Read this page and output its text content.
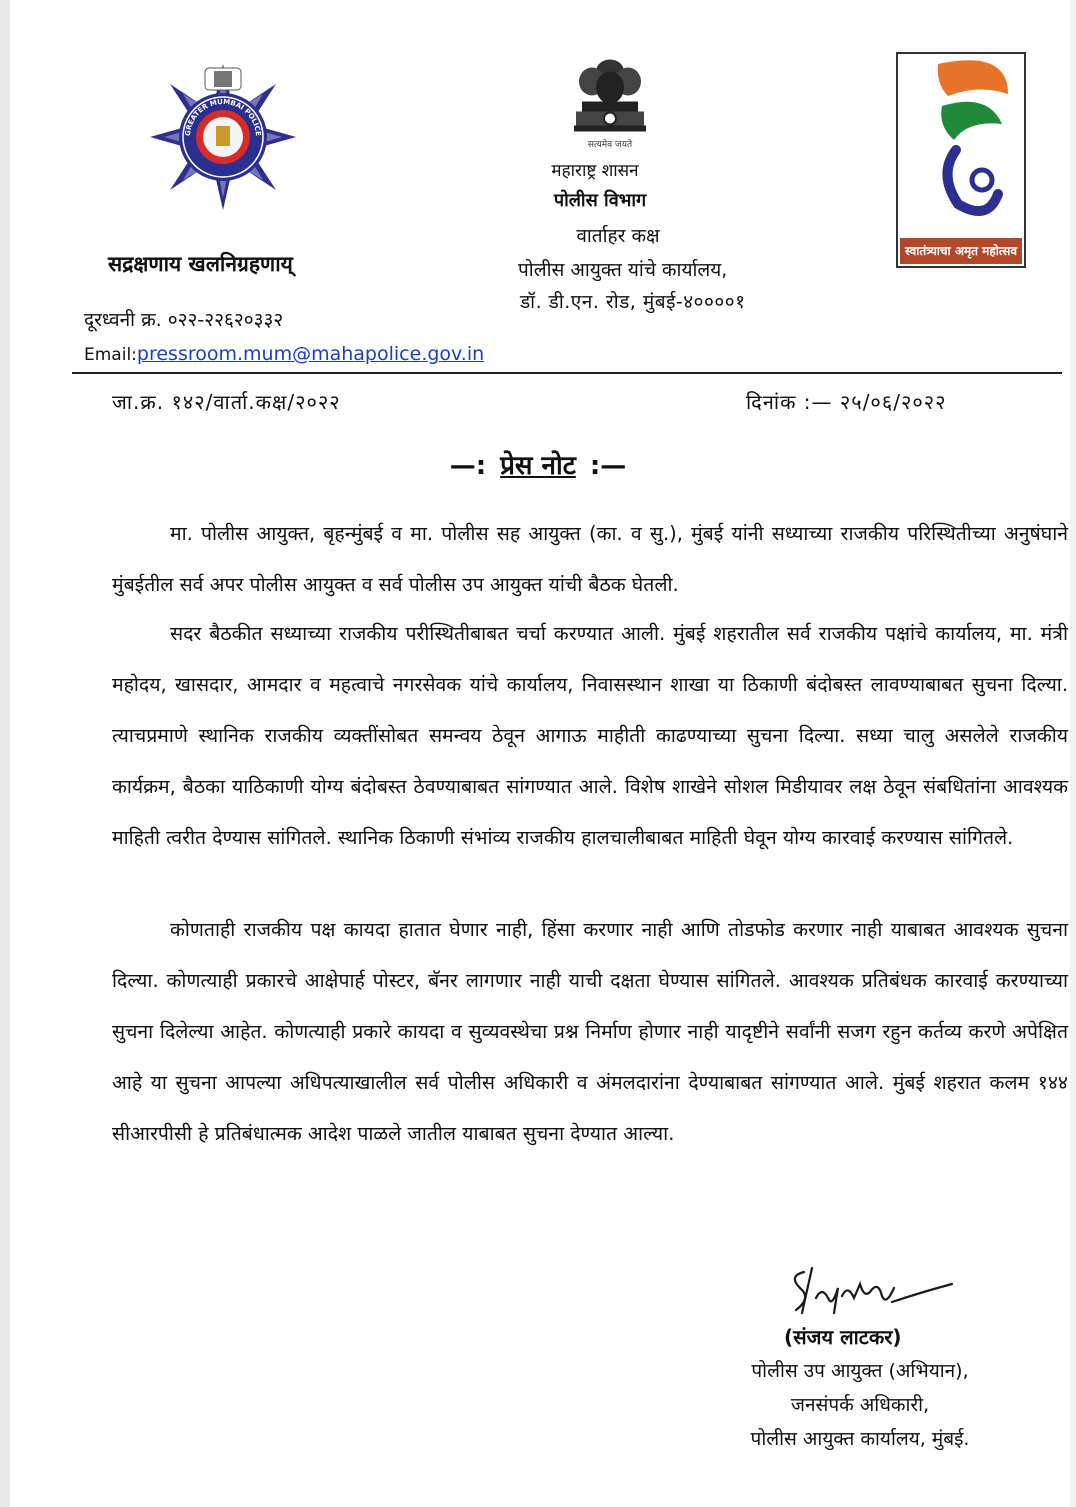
GREATER MUMBAI POLICE
सद्रक्षणाय खलनिग्रहणाय्
दूरध्वनी क्र. ०२२-२२६२०३३२
Email:pressroom.mum@mahapolice.gov.in
सत्यमेव जयते
महाराष्ट्र शासन
पोलीस विभाग
वार्ताहर कक्ष
पोलीस आयुक्त यांचे कार्यालय,
डॉ. डी.एन. रोड, मुंबई-४००००१
स्वातंत्र्याचा अमृत महोत्सव
जा.क्र. १४२/वार्ता.कक्ष/२०२२	दिनांक :— २५/०६/२०२२
—: प्रेस नोट :—

मा. पोलीस आयुक्त, बृहन्मुंबई व मा. पोलीस सह आयुक्त (का. व सु.), मुंबई यांनी सध्याच्या राजकीय परिस्थितीच्या अनुषंघाने मुंबईतील सर्व अपर पोलीस आयुक्त व सर्व पोलीस उप आयुक्त यांची बैठक घेतली.

सदर बैठकीत सध्याच्या राजकीय परीस्थितीबाबत चर्चा करण्यात आली. मुंबई शहरातील सर्व राजकीय पक्षांचे कार्यालय, मा. मंत्री महोदय, खासदार, आमदार व महत्वाचे नगरसेवक यांचे कार्यालय, निवासस्थान शाखा या ठिकाणी बंदोबस्त लावण्याबाबत सुचना दिल्या. त्याचप्रमाणे स्थानिक राजकीय व्यक्तींसोबत समन्वय ठेवून आगाऊ माहीती काढण्याच्या सुचना दिल्या. सध्या चालु असलेले राजकीय कार्यक्रम, बैठका याठिकाणी योग्य बंदोबस्त ठेवण्याबाबत सांगण्यात आले. विशेष शाखेने सोशल मिडीयावर लक्ष ठेवून संबधितांना आवश्यक माहिती त्वरीत देण्यास सांगितले. स्थानिक ठिकाणी संभांव्य राजकीय हालचालीबाबत माहिती घेवून योग्य कारवाई करण्यास सांगितले.

कोणताही राजकीय पक्ष कायदा हातात घेणार नाही, हिंसा करणार नाही आणि तोडफोड करणार नाही याबाबत आवश्यक सुचना दिल्या. कोणत्याही प्रकारचे आक्षेपार्ह पोस्टर, बॅनर लागणार नाही याची दक्षता घेण्यास सांगितले. आवश्यक प्रतिबंधक कारवाई करण्याच्या सुचना दिलेल्या आहेत. कोणत्याही प्रकारे कायदा व सुव्यवस्थेचा प्रश्न निर्माण होणार नाही यादृष्टीने सर्वांनी सजग रहुन कर्तव्य करणे अपेक्षित आहे या सुचना आपल्या अधिपत्याखालील सर्व पोलीस अधिकारी व अंमलदारांना देण्याबाबत सांगण्यात आले. मुंबई शहरात कलम १४४ सीआरपीसी हे प्रतिबंधात्मक आदेश पाळले जातील याबाबत सुचना देण्यात आल्या.

(संजय लाटकर)
पोलीस उप आयुक्त (अभियान),
जनसंपर्क अधिकारी,
पोलीस आयुक्त कार्यालय, मुंबई.
